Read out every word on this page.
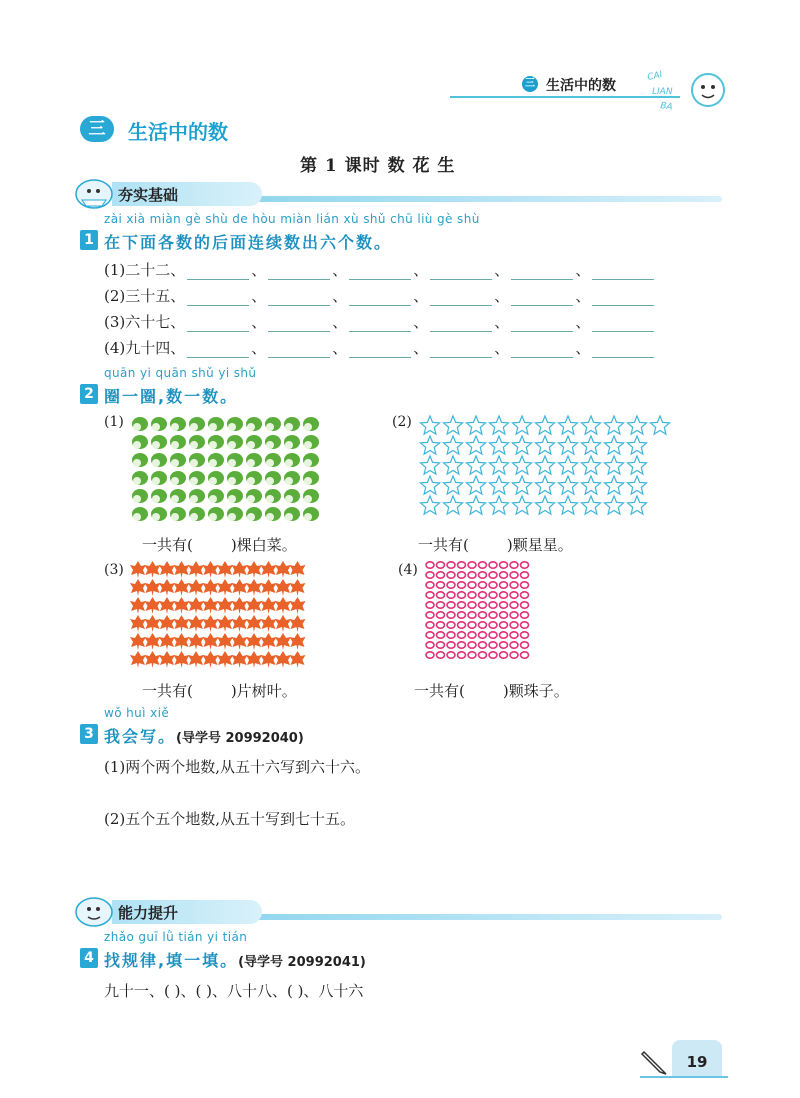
三 生活中的数
CAI
LIAN
BA
三	生活中的数
第 1 课时 数 花 生
夯实基础
zài xià miàn gè shù de hòu miàn lián xù shǔ chū liù gè shù
1 在下面各数的后面连续数出六个数。
(1)二十二、	、	、	、	、	、
(2)三十五、	、	、	、	、	、
(3)六十七、	、	、	、	、	、
(4)九十四、	、	、	、	、	、
quān yi quān shǔ yi shǔ
2 圈一圈,数一数。
(1)
一共有(	)棵白菜。
(2)
一共有(	)颗星星。
(3)
一共有(	)片树叶。
(4)
一共有(	)颗珠子。
wǒ huì xiě
3 我会写。(导学号 20992040)
(1)两个两个地数,从五十六写到六十六。
(2)五个五个地数,从五十写到七十五。
能力提升
zhǎo guī lǜ tián yi tián
4 找规律,填一填。(导学号 20992041)
九十一、( )、( )、八十八、( )、八十六
19
